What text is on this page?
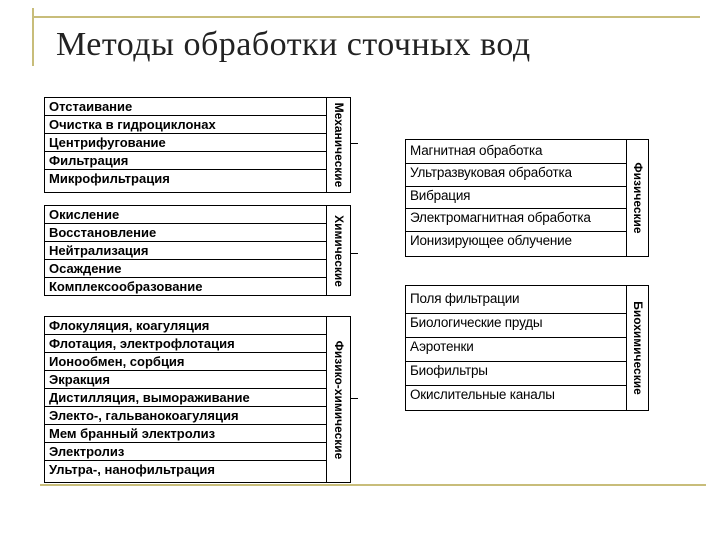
Методы обработки сточных вод
Отстаивание
Очистка в гидроциклонах
Центрифугование
Фильтрация
Микрофильтрация	Механические
Окисление
Восстановление
Нейтрализация
Осаждение
Комплексообразование
Химические
Флокуляция, коагуляция
Флотация, электрофлотация
Ионообмен, сорбция
Экракция
Дистилляция, вымораживание
Электо-, гальванокоагуляция
Мем бранный электролиз
Электролиз
Ультра-, нанофильтрация
Физико-химические
Магнитная обработка
Ультразвуковая обработка
Вибрация
Электромагнитная обработка
Ионизирующее облучение
Физические
Поля фильтрации
Биологические пруды
Аэротенки
Биофильтры
Окислительные каналы	Биохимические
